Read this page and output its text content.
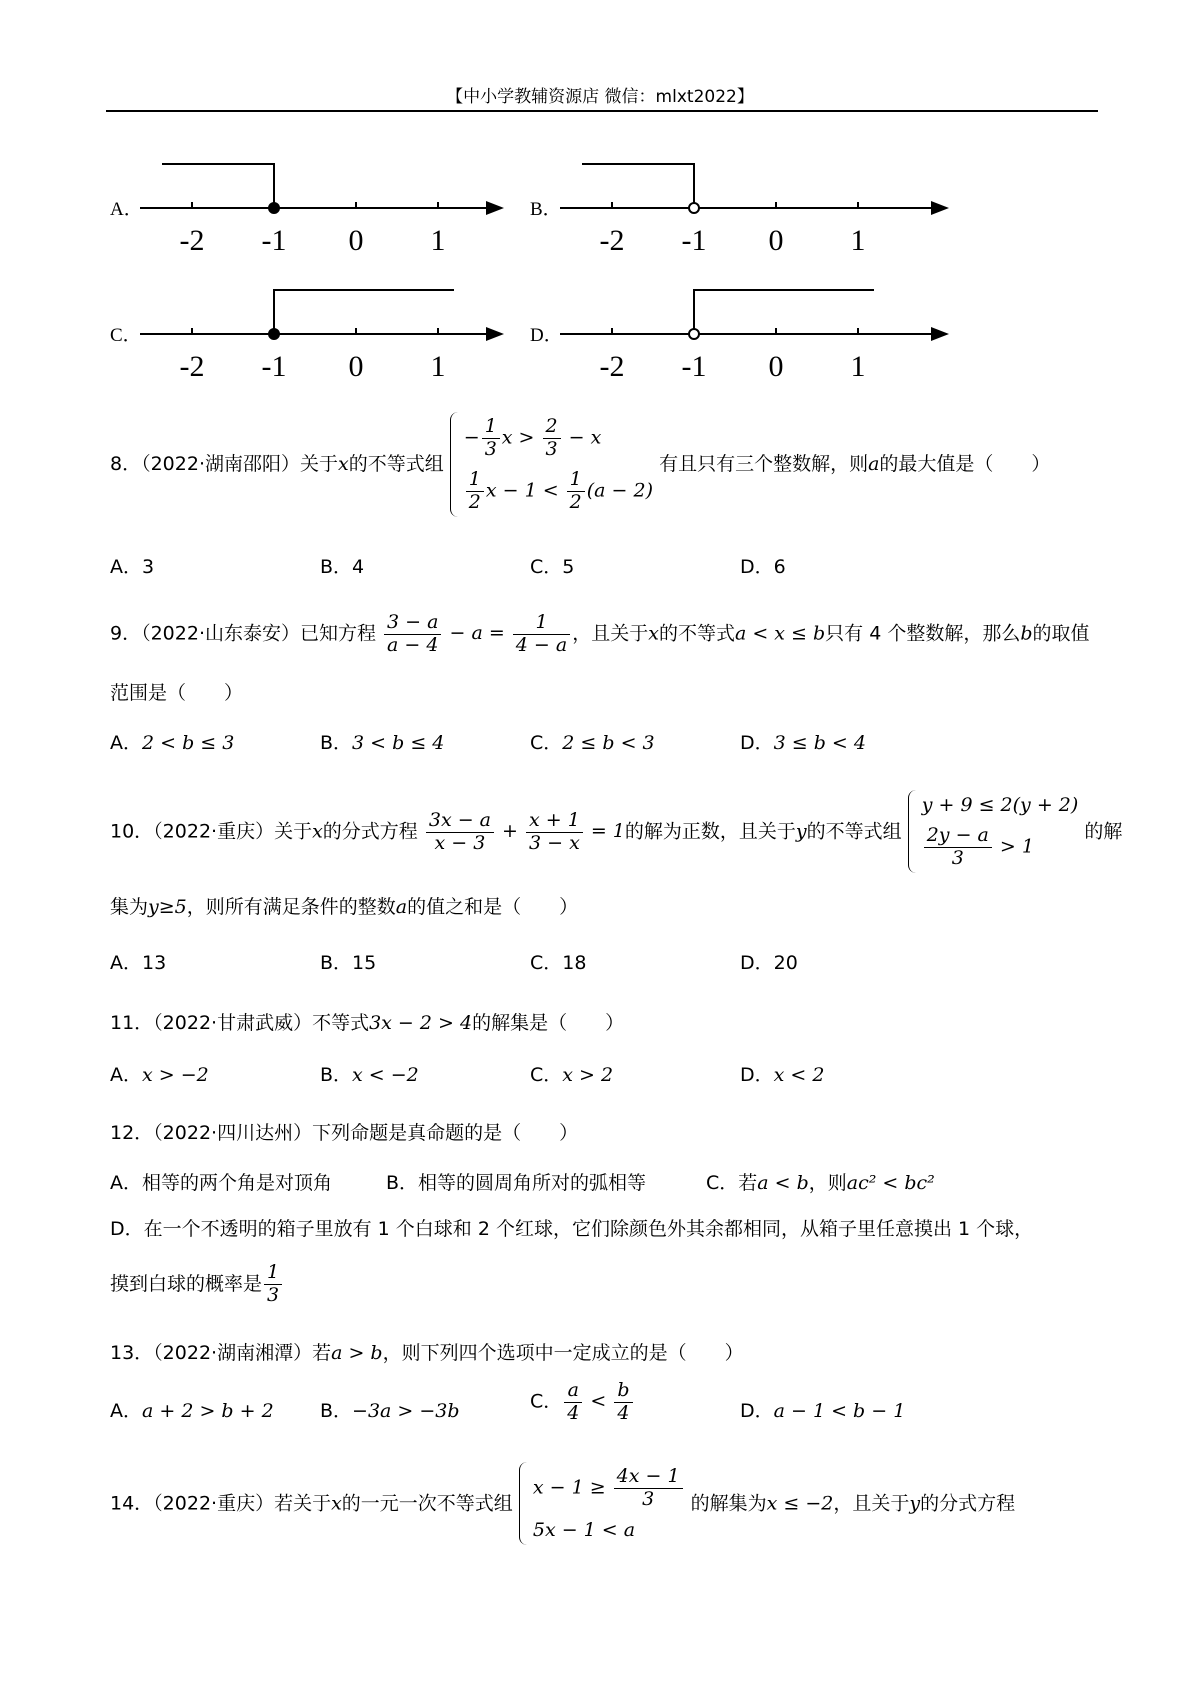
【中小学教辅资源店 微信：mlxt2022】
A．
-2 -1 0 1
B．
-2 -1 0 1
C．
-2 -1 0 1
D．
-2 -1 0 1
8．（2022·湖南邵阳）关于x的不等式组
− $\frac{1}{3}$ $x > \frac{2}{3} - x$
$\frac{1}{2}$ $x - 1 < \frac{1}{2} (a - 2)$
有且只有三个整数解，则a的最大值是（　　）
A．3	B．4	C．5	D．6
9．（2022·山东泰安）已知方程 $\frac{3 - a}{a - 4} - a = \frac{1}{4 - a}$ ，且关于x的不等式a < x ≤ b只有 4 个整数解，那么b的取值
范围是（　　）
A．2 < b ≤ 3	B．3 < b ≤ 4	C．2 ≤ b < 3	D．3 ≤ b < 4
10．（2022·重庆）关于x的分式方程 $\frac{3x - a}{x - 3} + \frac{x + 1}{3 - x} = 1$的解为正数，且关于y的不等式组
y + 9 ≤ 2(y + 2)
$\frac{2y - a}{3} > 1$
的解
集为y≥5，则所有满足条件的整数a的值之和是（　　）
A．13	B．15	C．18	D．20
11．（2022·甘肃武威）不等式3x − 2 > 4的解集是（　　）
A．x > −2	B．x < −2	C．x > 2	D．x < 2
12．（2022·四川达州）下列命题是真命题的是（　　）
A．相等的两个角是对顶角	B．相等的圆周角所对的弧相等	C．若a < b，则ac² < bc²
D．在一个不透明的箱子里放有 1 个白球和 2 个红球，它们除颜色外其余都相同，从箱子里任意摸出 1 个球，
摸到白球的概率是 $\frac{1}{3}$
13．（2022·湖南湘潭）若a > b，则下列四个选项中一定成立的是（　　）
A．a + 2 > b + 2 B．−3a > −3b	C． $\frac{a}{4} < \frac{b}{4}$	D．a − 1 < b − 1
14．（2022·重庆）若关于x的一元一次不等式组
$x - 1 \ge \frac{4x - 1}{3}$
5x − 1 < a
的解集为x ≤ −2，且关于y的分式方程
